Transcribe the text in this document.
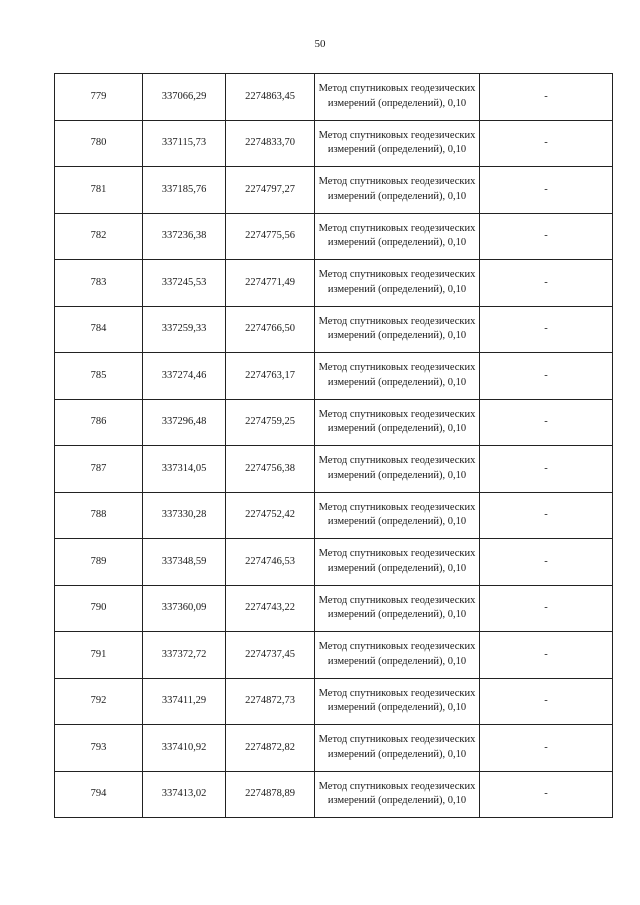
50
779	337066,29	2274863,45	Метод спутниковых геодезических измерений (определений), 0,10	-
780	337115,73	2274833,70	Метод спутниковых геодезических измерений (определений), 0,10	-
781	337185,76	2274797,27	Метод спутниковых геодезических измерений (определений), 0,10	-
782	337236,38	2274775,56	Метод спутниковых геодезических измерений (определений), 0,10	-
783	337245,53	2274771,49	Метод спутниковых геодезических измерений (определений), 0,10	-
784	337259,33	2274766,50	Метод спутниковых геодезических измерений (определений), 0,10	-
785	337274,46	2274763,17	Метод спутниковых геодезических измерений (определений), 0,10	-
786	337296,48	2274759,25	Метод спутниковых геодезических измерений (определений), 0,10	-
787	337314,05	2274756,38	Метод спутниковых геодезических измерений (определений), 0,10	-
788	337330,28	2274752,42	Метод спутниковых геодезических измерений (определений), 0,10	-
789	337348,59	2274746,53	Метод спутниковых геодезических измерений (определений), 0,10	-
790	337360,09	2274743,22	Метод спутниковых геодезических измерений (определений), 0,10	-
791	337372,72	2274737,45	Метод спутниковых геодезических измерений (определений), 0,10	-
792	337411,29	2274872,73	Метод спутниковых геодезических измерений (определений), 0,10	-
793	337410,92	2274872,82	Метод спутниковых геодезических измерений (определений), 0,10	-
794	337413,02	2274878,89	Метод спутниковых геодезических измерений (определений), 0,10	-
